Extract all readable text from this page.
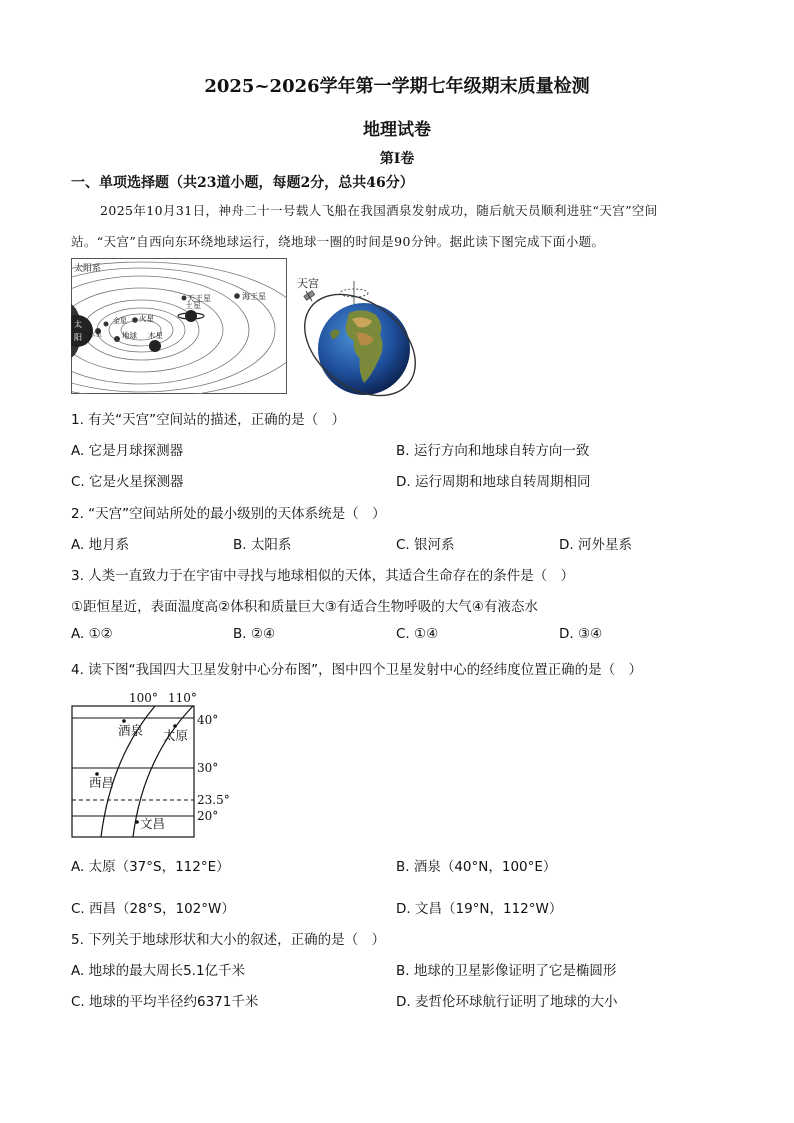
2025~2026学年第一学期七年级期末质量检测
地理试卷
第Ⅰ卷
一、单项选择题（共23道小题，每题2分，总共46分）
2025年10月31日，神舟二十一号载人飞船在我国酒泉发射成功，随后航天员顺利进驻“天宫”空间
站。“天宫”自西向东环绕地球运行，绕地球一圈的时间是90分钟。据此读下图完成下面小题。
太阳系
太
阳
天王星	海王星
土星
火星
金星
地球 木星
水星
天宫
1. 有关“天宫”空间站的描述，正确的是（　）
A. 它是月球探测器	B. 运行方向和地球自转方向一致
C. 它是火星探测器	D. 运行周期和地球自转周期相同
2. “天宫”空间站所处的最小级别的天体系统是（　）
A. 地月系	B. 太阳系	C. 银河系	D. 河外星系
3. 人类一直致力于在宇宙中寻找与地球相似的天体，其适合生命存在的条件是（　）
①距恒星近，表面温度高②体积和质量巨大③有适合生物呼吸的大气④有液态水
A. ①②	B. ②④	C. ①④	D. ③④
4. 读下图“我国四大卫星发射中心分布图”，图中四个卫星发射中心的经纬度位置正确的是（　）
100° 110°
40°
30°
23.5°
20°
酒泉 太原
西昌
文昌
A. 太原（37°S，112°E）	B. 酒泉（40°N，100°E）
C. 西昌（28°S，102°W）	D. 文昌（19°N，112°W）
5. 下列关于地球形状和大小的叙述，正确的是（　）
A. 地球的最大周长5.1亿千米	B. 地球的卫星影像证明了它是椭圆形
C. 地球的平均半径约6371千米	D. 麦哲伦环球航行证明了地球的大小
